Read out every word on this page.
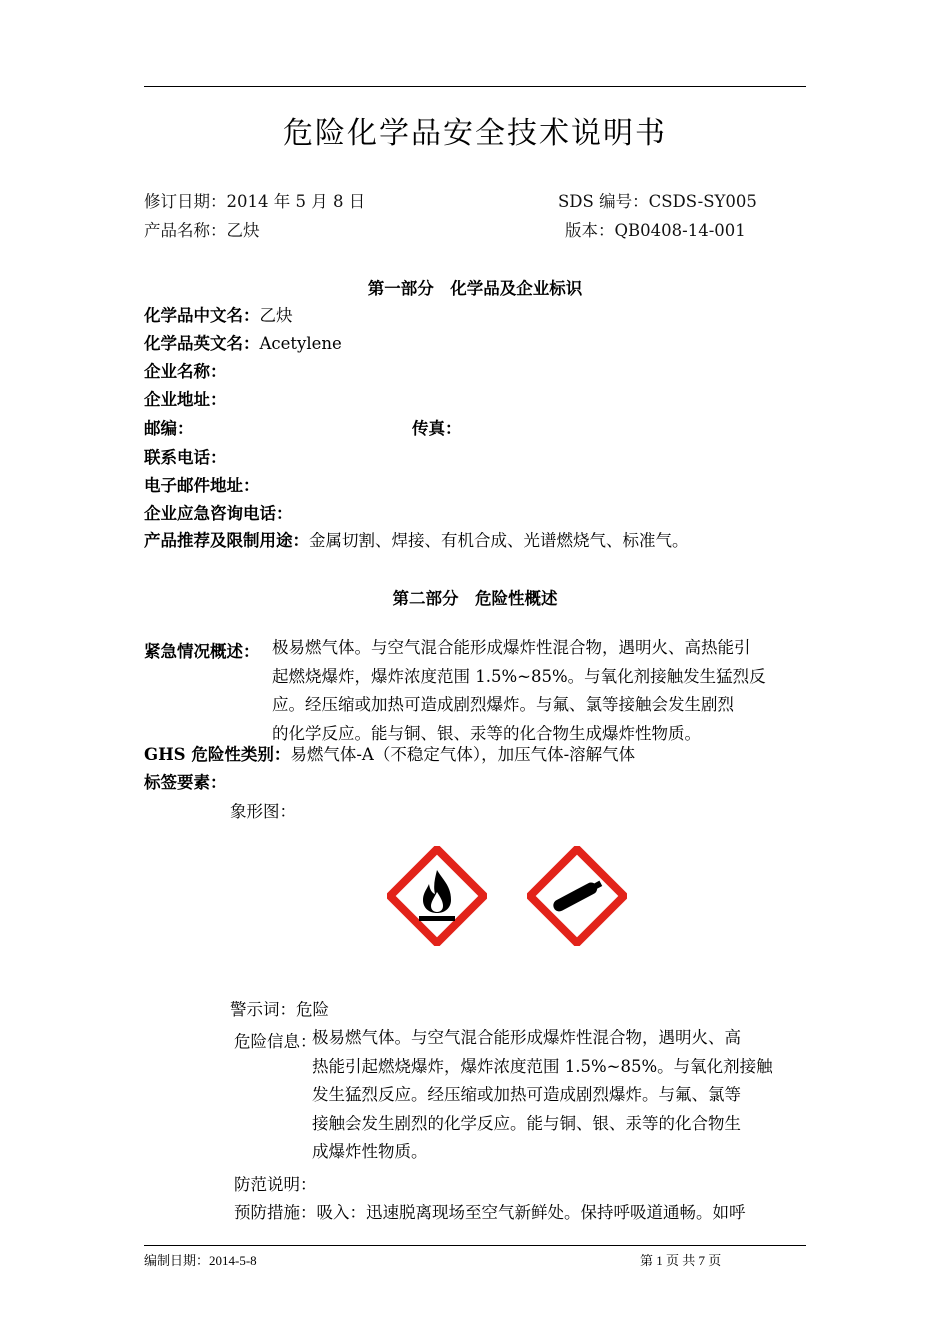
危险化学品安全技术说明书
修订日期：2014 年 5 月 8 日	SDS 编号：CSDS-SY005
产品名称：乙炔	版本：QB0408-14-001
第一部分　化学品及企业标识
化学品中文名：乙炔
化学品英文名：Acetylene
企业名称：
企业地址：
邮编：	传真：
联系电话：
电子邮件地址：
企业应急咨询电话：
产品推荐及限制用途：金属切割、焊接、有机合成、光谱燃烧气、标准气。
第二部分　危险性概述
紧急情况概述： 极易燃气体。与空气混合能形成爆炸性混合物，遇明火、高热能引
起燃烧爆炸，爆炸浓度范围 1.5%~85%。与氧化剂接触发生猛烈反
应。经压缩或加热可造成剧烈爆炸。与氟、氯等接触会发生剧烈
的化学反应。能与铜、银、汞等的化合物生成爆炸性物质。
GHS 危险性类别：易燃气体-A（不稳定气体），加压气体-溶解气体
标签要素：
象形图：
警示词：危险
危险信息：
极易燃气体。与空气混合能形成爆炸性混合物，遇明火、高
热能引起燃烧爆炸，爆炸浓度范围 1.5%~85%。与氧化剂接触
发生猛烈反应。经压缩或加热可造成剧烈爆炸。与氟、氯等
接触会发生剧烈的化学反应。能与铜、银、汞等的化合物生
成爆炸性物质。
防范说明：
预防措施：吸入：迅速脱离现场至空气新鲜处。保持呼吸道通畅。如呼
编制日期：2014-5-8	第 1 页 共 7 页
